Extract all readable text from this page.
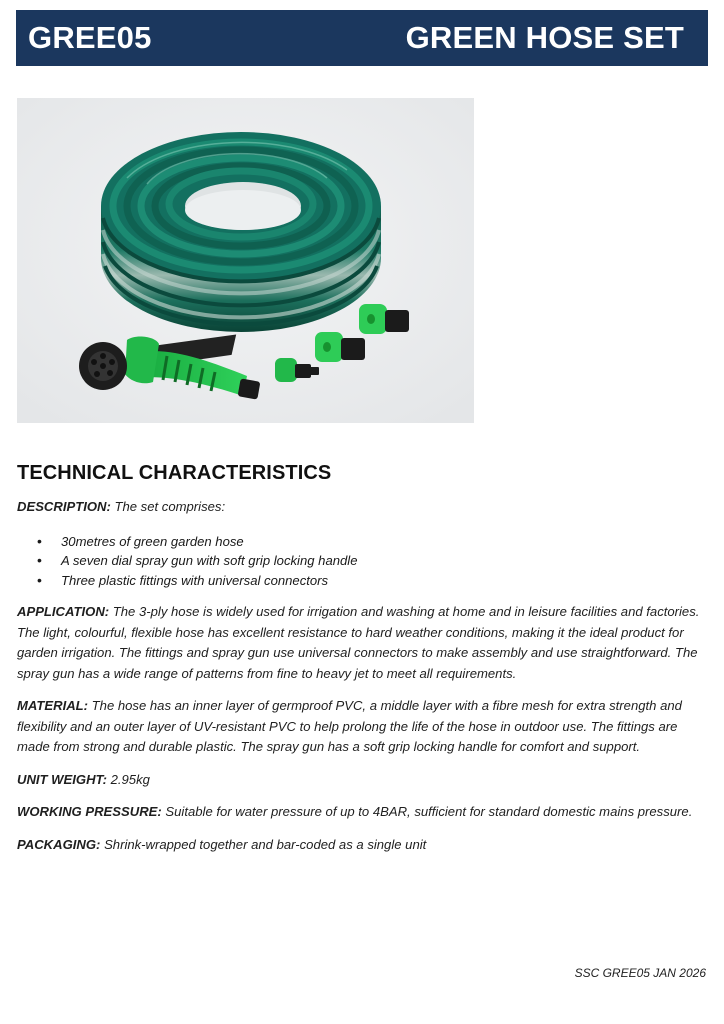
GREE05	GREEN HOSE SET
TECHNICAL CHARACTERISTICS

DESCRIPTION: The set comprises:

• 30metres of green garden hose
• A seven dial spray gun with soft grip locking handle
• Three plastic fittings with universal connectors

APPLICATION: The 3-ply hose is widely used for irrigation and washing at home and in leisure facilities and factories. The light, colourful, flexible hose has excellent resistance to hard weather conditions, making it the ideal product for garden irrigation. The fittings and spray gun use universal connectors to make assembly and use straightforward. The spray gun has a wide range of patterns from fine to heavy jet to meet all requirements.

MATERIAL: The hose has an inner layer of germproof PVC, a middle layer with a fibre mesh for extra strength and flexibility and an outer layer of UV-resistant PVC to help prolong the life of the hose in outdoor use. The fittings are made from strong and durable plastic. The spray gun has a soft grip locking handle for comfort and support.

UNIT WEIGHT: 2.95kg

WORKING PRESSURE: Suitable for water pressure of up to 4BAR, sufficient for standard domestic mains pressure.

PACKAGING: Shrink-wrapped together and bar-coded as a single unit

SSC GREE05 JAN 2026
